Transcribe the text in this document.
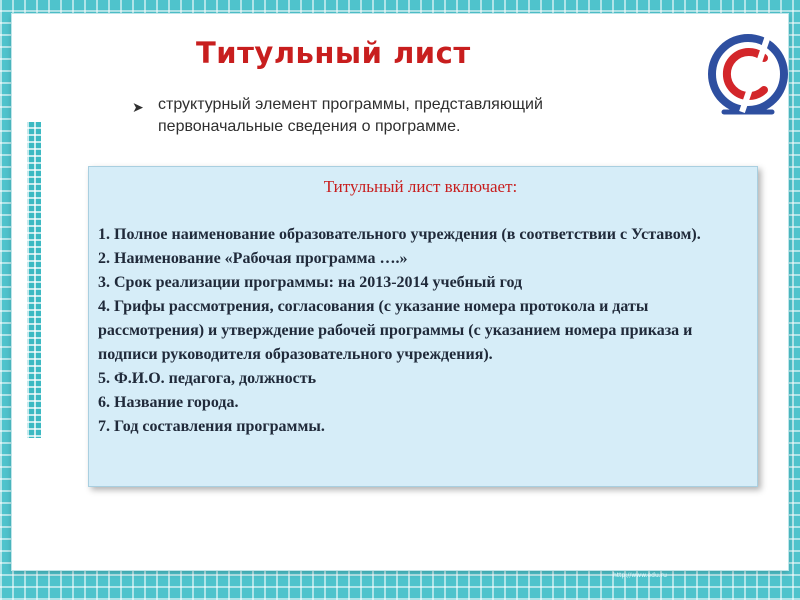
Титульный лист
➤ структурный элемент программы, представляющий первоначальные сведения о программе.
Титульный лист включает:
1. Полное наименование образовательного учреждения (в соответствии с Уставом).
2. Наименование «Рабочая программа ….»
3. Срок реализации программы: на 2013-2014 учебный год
4. Грифы рассмотрения, согласования (с указание номера протокола и даты рассмотрения) и утверждение рабочей программы (с указанием номера приказа и подписи руководителя образовательного учреждения).
5. Ф.И.О. педагога, должность
6. Название города.
7. Год составления программы.
http://www.edu.ru
